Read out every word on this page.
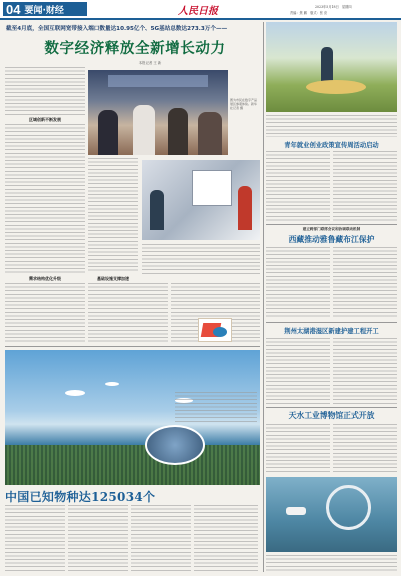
04 要闻·财经	人民日报	2023年5月18日　星期四
责编：焦 鹏　版式：张 竞
截至4月底，全国互联网宽带接入端口数量达10.95亿个、5G基站总数达273.3万个——
数字经济释放全新增长动力
本报记者 王 新
区域创新不断发展
需求结构优化升级
图为市民在数字产品展区参观体验。新华社记者 摄
基础设施支撑加速
中国已知物种达125034个
青年就业创业政策宣传周活动启动
建立跨部门联席会议和协调联动机制
西藏推动雅鲁藏布江保护
荆州太湖港湿区新建护建工程开工
天水工业博物馆正式开放
